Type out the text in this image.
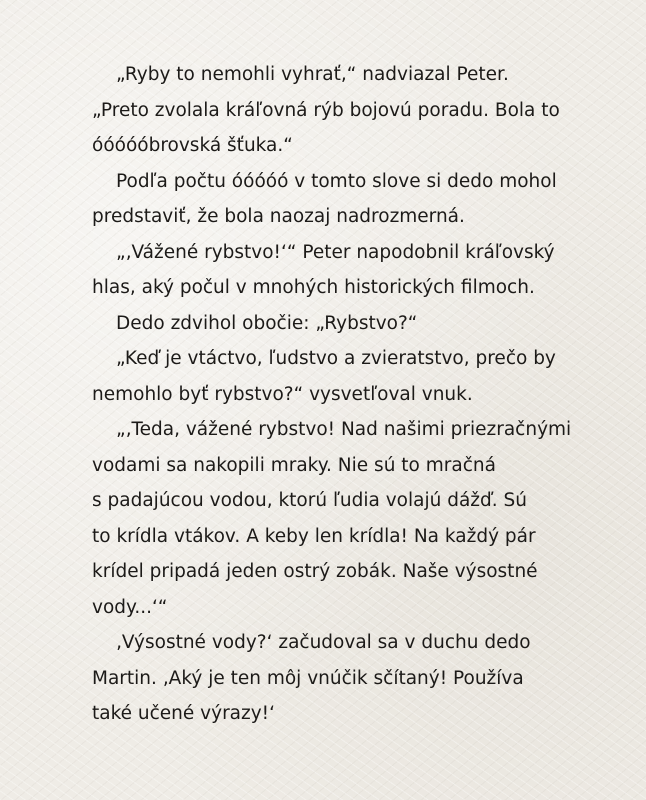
„Ryby to nemohli vyhrať,“ nadviazal Peter.
„Preto zvolala kráľovná rýb bojovú poradu. Bola to
óóóóóbrovská šťuka.“
Podľa počtu óóóóó v tomto slove si dedo mohol
predstaviť, že bola naozaj nadrozmerná.
„‚Vážené rybstvo!‘“ Peter napodobnil kráľovský
hlas, aký počul v mnohých historických filmoch.
Dedo zdvihol obočie: „Rybstvo?“
„Keď je vtáctvo, ľudstvo a zvieratstvo, prečo by
nemohlo byť rybstvo?“ vysvetľoval vnuk.
„‚Teda, vážené rybstvo! Nad našimi priezračnými
vodami sa nakopili mraky. Nie sú to mračná
s padajúcou vodou, ktorú ľudia volajú dážď. Sú
to krídla vtákov. A keby len krídla! Na každý pár
krídel pripadá jeden ostrý zobák. Naše výsostné
vody...‘“
‚Výsostné vody?‘ začudoval sa v duchu dedo
Martin. ‚Aký je ten môj vnúčik sčítaný! Používa
také učené výrazy!‘
